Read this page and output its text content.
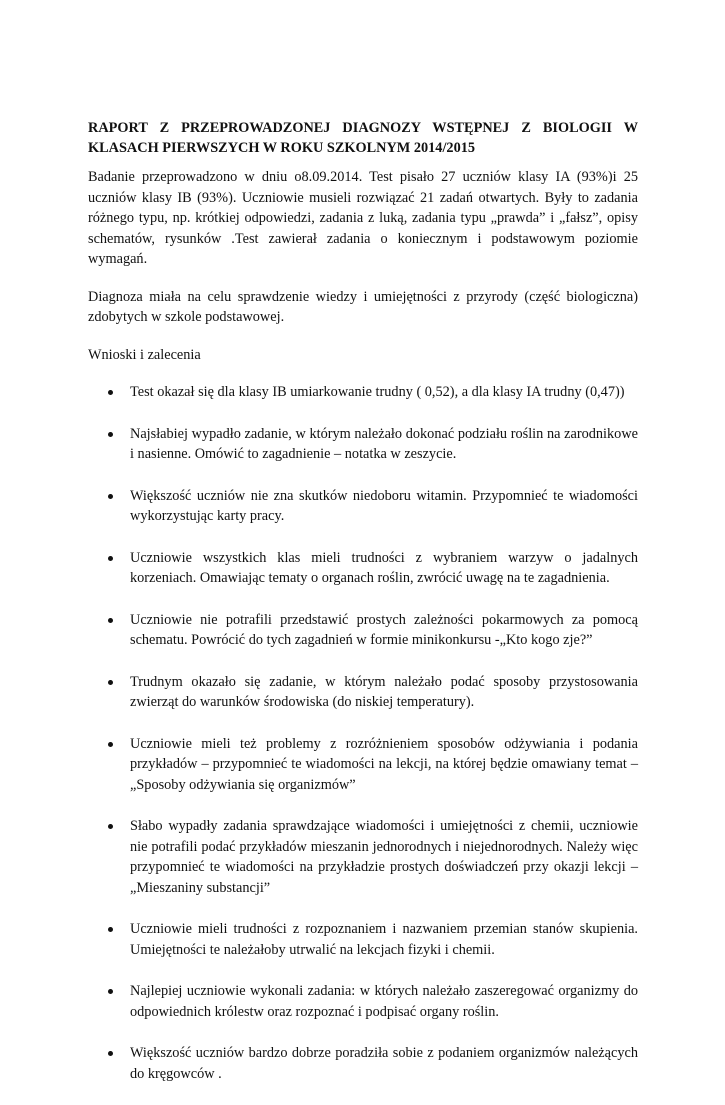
RAPORT Z PRZEPROWADZONEJ DIAGNOZY WSTĘPNEJ Z BIOLOGII W KLASACH PIERWSZYCH W ROKU SZKOLNYM 2014/2015

Badanie przeprowadzono w dniu o8.09.2014. Test pisało 27 uczniów klasy IA (93%)i 25 uczniów klasy IB (93%). Uczniowie musieli rozwiązać 21 zadań otwartych. Były to zadania różnego typu, np. krótkiej odpowiedzi, zadania z luką, zadania typu „prawda” i „fałsz”, opisy schematów, rysunków .Test zawierał zadania o koniecznym i podstawowym poziomie wymagań.

Diagnoza miała na celu sprawdzenie wiedzy i umiejętności z przyrody (część biologiczna) zdobytych w szkole podstawowej.

Wnioski i zalecenia

Test okazał się dla klasy IB umiarkowanie trudny ( 0,52), a dla klasy IA trudny (0,47))
Najsłabiej wypadło zadanie, w którym należało dokonać podziału roślin na zarodnikowe i nasienne. Omówić to zagadnienie – notatka w zeszycie.
Większość uczniów nie zna skutków niedoboru witamin. Przypomnieć te wiadomości wykorzystując karty pracy.
Uczniowie wszystkich klas mieli trudności z wybraniem warzyw o jadalnych korzeniach. Omawiając tematy o organach roślin, zwrócić uwagę na te zagadnienia.
Uczniowie nie potrafili przedstawić prostych zależności pokarmowych za pomocą schematu. Powrócić do tych zagadnień w formie minikonkursu -„Kto kogo zje?”
Trudnym okazało się zadanie, w którym należało podać sposoby przystosowania zwierząt do warunków środowiska (do niskiej temperatury).
Uczniowie mieli też problemy z rozróżnieniem sposobów odżywiania i podania przykładów – przypomnieć te wiadomości na lekcji, na której będzie omawiany temat – „Sposoby odżywiania się organizmów”
Słabo wypadły zadania sprawdzające wiadomości i umiejętności z chemii, uczniowie nie potrafili podać przykładów mieszanin jednorodnych i niejednorodnych. Należy więc przypomnieć te wiadomości na przykładzie prostych doświadczeń przy okazji lekcji – „Mieszaniny substancji”
Uczniowie mieli trudności z rozpoznaniem i nazwaniem przemian stanów skupienia. Umiejętności te należałoby utrwalić na lekcjach fizyki i chemii.
Najlepiej uczniowie wykonali zadania: w których należało zaszeregować organizmy do odpowiednich królestw oraz rozpoznać i podpisać organy roślin.
Większość uczniów bardzo dobrze poradziła sobie z podaniem organizmów należących do kręgowców .
